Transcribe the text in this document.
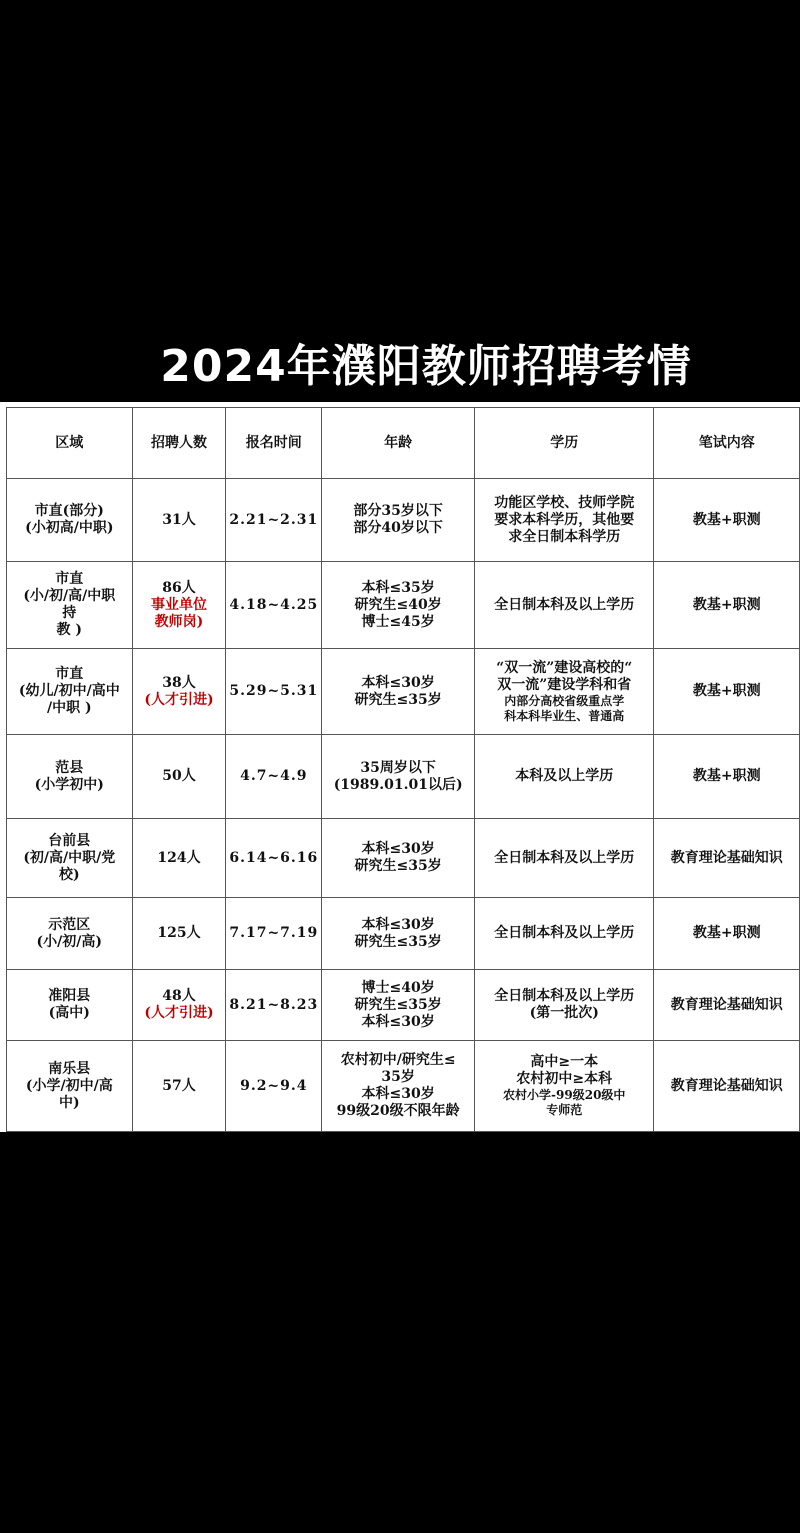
2024年濮阳教师招聘考情
区域	招聘人数	报名时间	年龄	学历	笔试内容

市直(部分)
(小初高/中职)	31人	2.21~2.31	部分35岁以下
部分40岁以下	功能区学校、技师学院
要求本科学历，其他要
求全日制本科学历	教基+职测

市直
(小/初/高/中职
持
教 )	86人
事业单位
教师岗)	4.18~4.25	本科≤35岁
研究生≤40岁
博士≤45岁	全日制本科及以上学历	教基+职测

市直
(幼儿/初中/高中
/中职 )	38人
(人才引进)	5.29~5.31	本科≤30岁
研究生≤35岁	“双一流”建设高校的“
双一流”建设学科和省
内部分高校省级重点学
科本科毕业生、普通高	教基+职测

范县
(小学初中)	50人	4.7~4.9	35周岁以下
(1989.01.01以后)	本科及以上学历	教基+职测

台前县
(初/高/中职/党
校)	124人	6.14~6.16	本科≤30岁
研究生≤35岁	全日制本科及以上学历	教育理论基础知识

示范区
(小/初/高)	125人	7.17~7.19	本科≤30岁
研究生≤35岁	全日制本科及以上学历	教基+职测

准阳县
(高中)	48人
(人才引进)	8.21~8.23	博士≤40岁
研究生≤35岁
本科≤30岁	全日制本科及以上学历
(第一批次)	教育理论基础知识

南乐县
(小学/初中/高
中)	57人	9.2~9.4	农村初中/研究生≤
35岁
本科≤30岁
99级20级不限年龄	高中≥一本
农村初中≥本科
农村小学-99级20级中
专师范	教育理论基础知识
